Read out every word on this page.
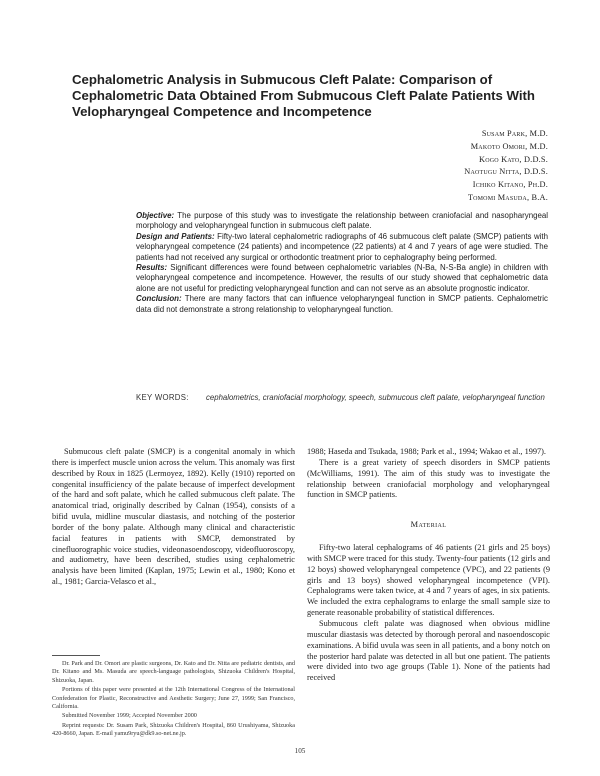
Cephalometric Analysis in Submucous Cleft Palate: Comparison of
Cephalometric Data Obtained From Submucous Cleft Palate Patients With
Velopharyngeal Competence and Incompetence
Susam Park, M.D.
Makoto Omori, M.D.
Kogo Kato, D.D.S.
Naotugu Nitta, D.D.S.
Ichiko Kitano, Ph.D.
Tomomi Masuda, B.A.

Objective: The purpose of this study was to investigate the relationship between craniofacial and nasopharyngeal morphology and velopharyngeal function in submucous cleft palate.

Design and Patients: Fifty-two lateral cephalometric radiographs of 46 submucous cleft palate (SMCP) patients with velopharyngeal competence (24 patients) and incompetence (22 patients) at 4 and 7 years of age were studied. The patients had not received any surgical or orthodontic treatment prior to cephalography being performed.

Results: Significant differences were found between cephalometric variables (N-Ba, N-S-Ba angle) in children with velopharyngeal competence and incompetence. However, the results of our study showed that cephalometric data alone are not useful for predicting velopharyngeal function and can not serve as an absolute prognostic indicator.

Conclusion: There are many factors that can influence velopharyngeal function in SMCP patients. Cephalometric data did not demonstrate a strong relationship to velopharyngeal function.

KEY WORDS:	cephalometrics, craniofacial morphology, speech, submucous cleft palate, velopharyngeal function

Submucous cleft palate (SMCP) is a congenital anomaly in which there is imperfect muscle union across the velum. This anomaly was first described by Roux in 1825 (Lermoyez, 1892). Kelly (1910) reported on congenital insufficiency of the palate because of imperfect development of the hard and soft palate, which he called submucous cleft palate. The anatomical triad, originally described by Calnan (1954), consists of a bifid uvula, midline muscular diastasis, and notching of the posterior border of the bony palate. Although many clinical and characteristic facial features in patients with SMCP, demonstrated by cinefluorographic voice studies, videonasoendoscopy, videofluoroscopy, and audiometry, have been described, studies using cephalometric analysis have been limited (Kaplan, 1975; Lewin et al., 1980; Kono et al., 1981; Garcia-Velasco et al.,

1988; Haseda and Tsukada, 1988; Park et al., 1994; Wakao et al., 1997).

There is a great variety of speech disorders in SMCP patients (McWilliams, 1991). The aim of this study was to investigate the relationship between craniofacial morphology and velopharyngeal function in SMCP patients.

Material

Fifty-two lateral cephalograms of 46 patients (21 girls and 25 boys) with SMCP were traced for this study. Twenty-four patients (12 girls and 12 boys) showed velopharyngeal competence (VPC), and 22 patients (9 girls and 13 boys) showed velopharyngeal incompetence (VPI). Cephalograms were taken twice, at 4 and 7 years of ages, in six patients. We included the extra cephalograms to enlarge the small sample size to generate reasonable probability of statistical differences.

Submucous cleft palate was diagnosed when obvious midline muscular diastasis was detected by thorough peroral and nasoendoscopic examinations. A bifid uvula was seen in all patients, and a bony notch on the posterior hard palate was detected in all but one patient. The patients were divided into two age groups (Table 1). None of the patients had received

Dr. Park and Dr. Omori are plastic surgeons, Dr. Kato and Dr. Nitta are pediatric dentists, and Dr. Kitano and Ms. Masuda are speech-language pathologists, Shizuoka Children's Hospital, Shizuoka, Japan.

Portions of this paper were presented at the 12th International Congress of the International Confederation for Plastic, Reconstructive and Aesthetic Surgery; June 27, 1999; San Francisco, California.

Submitted November 1999; Accepted November 2000

Reprint requests: Dr. Susam Park, Shizuoka Children's Hospital, 860 Urushiyama, Shizuoka 420-8660, Japan. E-mail yamu9ryu@dk9.so-net.ne.jp.

105
